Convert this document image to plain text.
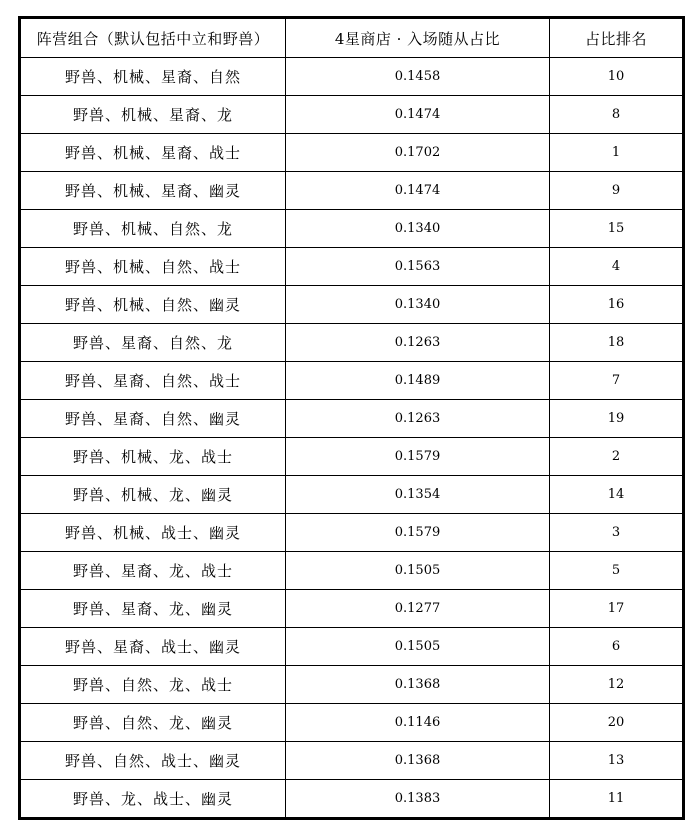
阵营组合（默认包括中立和野兽）	4星商店 · 入场随从占比	占比排名
野兽、机械、星裔、自然	0.1458	10
野兽、机械、星裔、龙	0.1474	8
野兽、机械、星裔、战士	0.1702	1
野兽、机械、星裔、幽灵	0.1474	9
野兽、机械、自然、龙	0.1340	15
野兽、机械、自然、战士	0.1563	4
野兽、机械、自然、幽灵	0.1340	16
野兽、星裔、自然、龙	0.1263	18
野兽、星裔、自然、战士	0.1489	7
野兽、星裔、自然、幽灵	0.1263	19
野兽、机械、龙、战士	0.1579	2
野兽、机械、龙、幽灵	0.1354	14
野兽、机械、战士、幽灵	0.1579	3
野兽、星裔、龙、战士	0.1505	5
野兽、星裔、龙、幽灵	0.1277	17
野兽、星裔、战士、幽灵	0.1505	6
野兽、自然、龙、战士	0.1368	12
野兽、自然、龙、幽灵	0.1146	20
野兽、自然、战士、幽灵	0.1368	13
野兽、龙、战士、幽灵	0.1383	11
